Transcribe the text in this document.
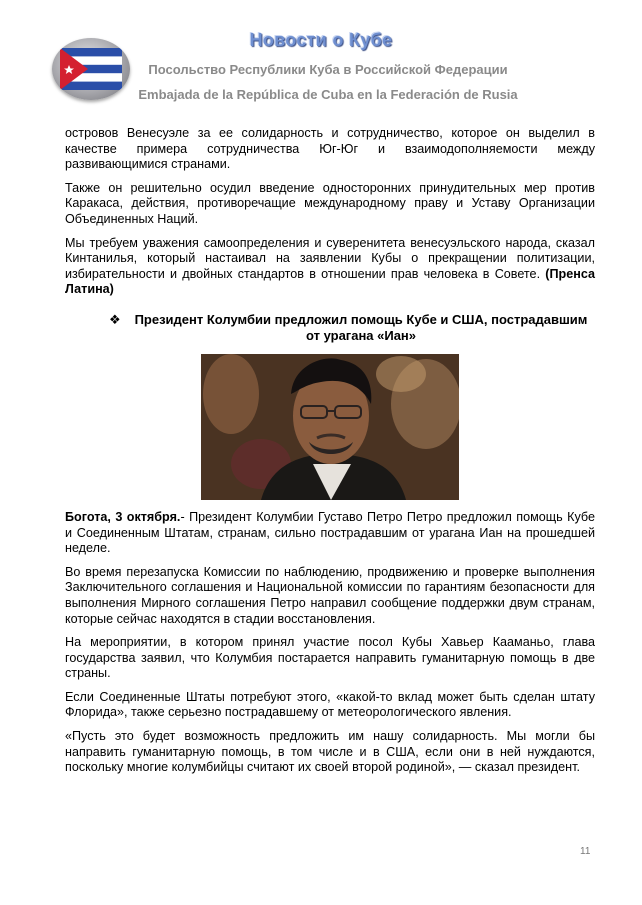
Новости о Кубе
Посольство Республики Куба в Российской Федерации
Embajada de la República de Cuba en la Federación de Rusia

островов Венесуэле за ее солидарность и сотрудничество, которое он выделил в качестве примера сотрудничества Юг-Юг и взаимодополняемости между развивающимися странами.

Также он решительно осудил введение односторонних принудительных мер против Каракаса, действия, противоречащие международному праву и Уставу Организации Объединенных Наций.

Мы требуем уважения самоопределения и суверенитета венесуэльского народа, сказал Кинтанилья, который настаивал на заявлении Кубы о прекращении политизации, избирательности и двойных стандартов в отношении прав человека в Совете. (Пренса Латина)

❖ Президент Колумбии предложил помощь Кубе и США, пострадавшим от урагана «Иан»

Богота, 3 октября.- Президент Колумбии Густаво Петро Петро предложил помощь Кубе и Соединенным Штатам, странам, сильно пострадавшим от урагана Иан на прошедшей неделе.

Во время перезапуска Комиссии по наблюдению, продвижению и проверке выполнения Заключительного соглашения и Национальной комиссии по гарантиям безопасности для выполнения Мирного соглашения Петро направил сообщение поддержки двум странам, которые сейчас находятся в стадии восстановления.

На мероприятии, в котором принял участие посол Кубы Хавьер Кааманьо, глава государства заявил, что Колумбия постарается направить гуманитарную помощь в две страны.

Если Соединенные Штаты потребуют этого, «какой-то вклад может быть сделан штату Флорида», также серьезно пострадавшему от метеорологического явления.

«Пусть это будет возможность предложить им нашу солидарность. Мы могли бы направить гуманитарную помощь, в том числе и в США, если они в ней нуждаются, поскольку многие колумбийцы считают их своей второй родиной», — сказал президент.

11
